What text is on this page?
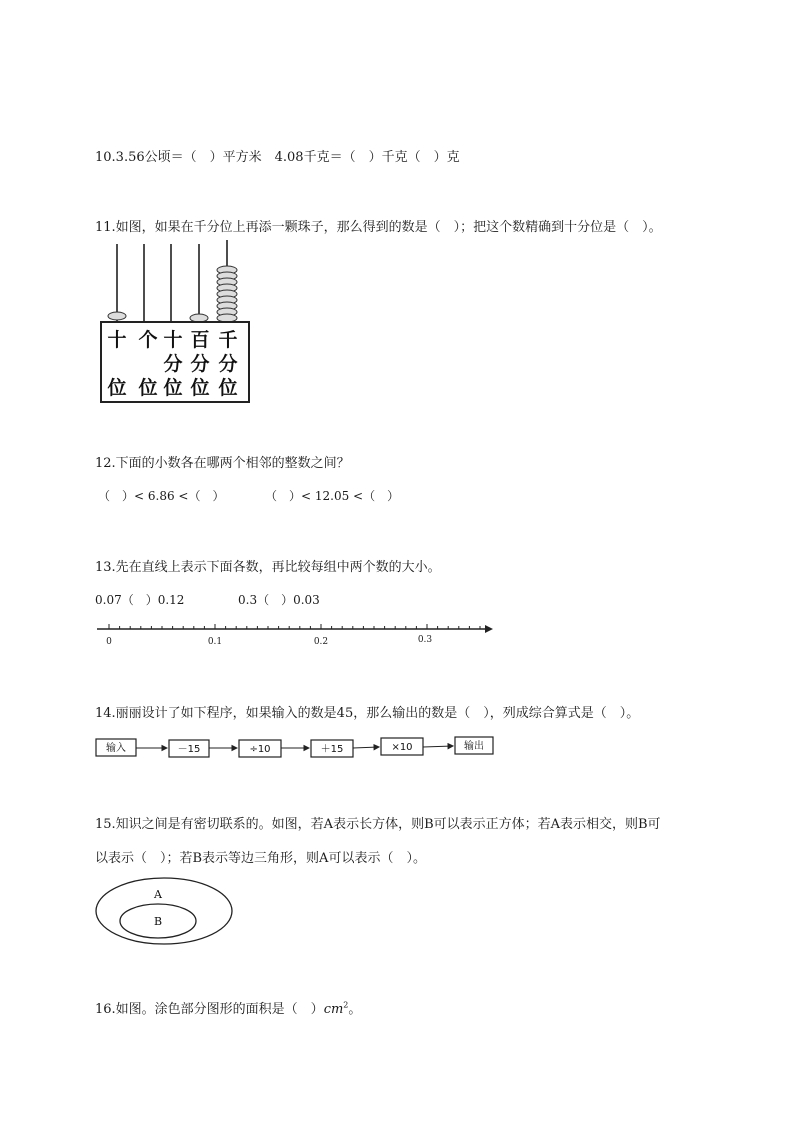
10.3.56公顷＝（　）平方米　4.08千克＝（　）千克（　）克
11.如图，如果在千分位上再添一颗珠子，那么得到的数是（　）；把这个数精确到十分位是（　）。
十
位
个
位
十
分
位
百
分
位
千
分
位
12.下面的小数各在哪两个相邻的整数之间？
（　）< 6.86 <（　）	（　）< 12.05 <（　）
13.先在直线上表示下面各数，再比较每组中两个数的大小。
0.07（　）0.12	0.3（　）0.03
0	0.1	0.2	0.3
14.丽丽设计了如下程序，如果输入的数是45，那么输出的数是（　），列成综合算式是（　）。
输入	－15	÷10	＋15	×10	输出
15.知识之间是有密切联系的。如图，若A表示长方体，则B可以表示正方体；若A表示相交，则B可
以表示（　）；若B表示等边三角形，则A可以表示（　）。
A
B
16.如图。涂色部分图形的面积是（　）$cm^2$。
